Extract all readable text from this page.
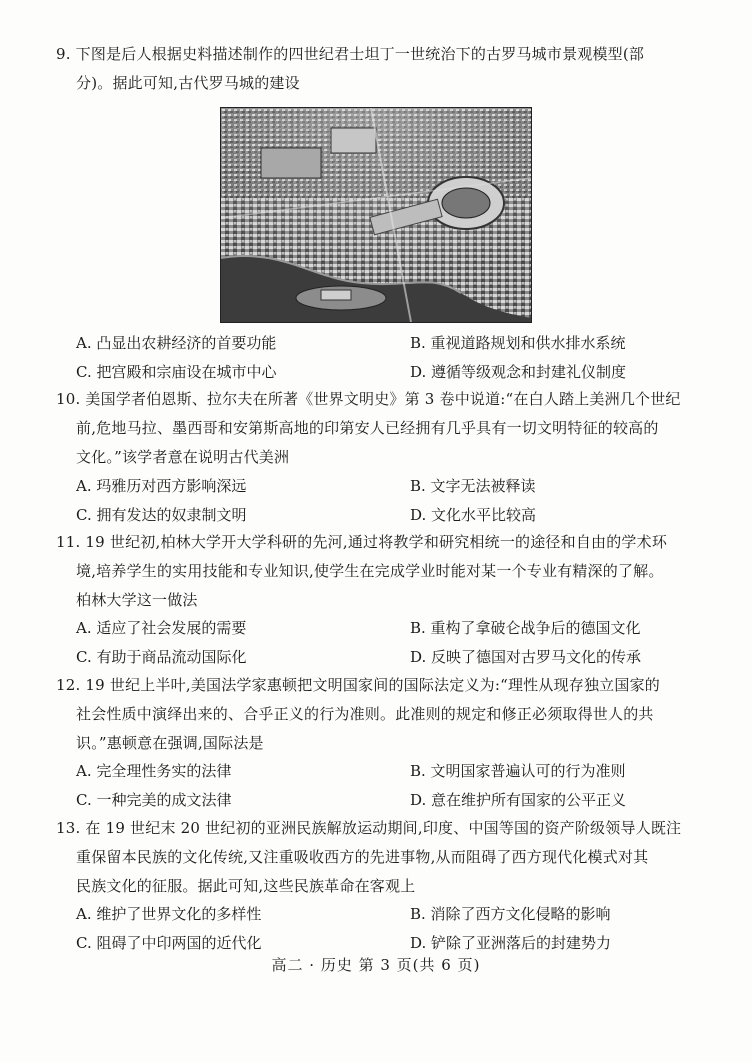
9. 下图是后人根据史料描述制作的四世纪君士坦丁一世统治下的古罗马城市景观模型(部
分)。据此可知,古代罗马城的建设
A. 凸显出农耕经济的首要功能	B. 重视道路规划和供水排水系统
C. 把宫殿和宗庙设在城市中心	D. 遵循等级观念和封建礼仪制度
10. 美国学者伯恩斯、拉尔夫在所著《世界文明史》第 3 卷中说道:“在白人踏上美洲几个世纪
前,危地马拉、墨西哥和安第斯高地的印第安人已经拥有几乎具有一切文明特征的较高的
文化。”该学者意在说明古代美洲
A. 玛雅历对西方影响深远	B. 文字无法被释读
C. 拥有发达的奴隶制文明	D. 文化水平比较高
11. 19 世纪初,柏林大学开大学科研的先河,通过将教学和研究相统一的途径和自由的学术环
境,培养学生的实用技能和专业知识,使学生在完成学业时能对某一个专业有精深的了解。
柏林大学这一做法
A. 适应了社会发展的需要	B. 重构了拿破仑战争后的德国文化
C. 有助于商品流动国际化	D. 反映了德国对古罗马文化的传承
12. 19 世纪上半叶,美国法学家惠顿把文明国家间的国际法定义为:“理性从现存独立国家的
社会性质中演绎出来的、合乎正义的行为准则。此准则的规定和修正必须取得世人的共
识。”惠顿意在强调,国际法是
A. 完全理性务实的法律	B. 文明国家普遍认可的行为准则
C. 一种完美的成文法律	D. 意在维护所有国家的公平正义
13. 在 19 世纪末 20 世纪初的亚洲民族解放运动期间,印度、中国等国的资产阶级领导人既注
重保留本民族的文化传统,又注重吸收西方的先进事物,从而阻碍了西方现代化模式对其
民族文化的征服。据此可知,这些民族革命在客观上
A. 维护了世界文化的多样性	B. 消除了西方文化侵略的影响
C. 阻碍了中印两国的近代化	D. 铲除了亚洲落后的封建势力
高二 · 历史 第 3 页(共 6 页)
